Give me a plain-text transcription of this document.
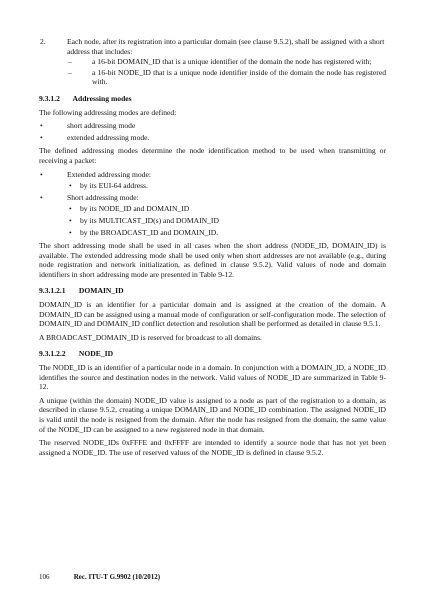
2.	Each node, after its registration into a particular domain (see clause 9.5.2), shall be assigned with a short address that includes:
–	a 16-bit DOMAIN_ID that is a unique identifier of the domain the node has registered with;
–	a 16-bit NODE_ID that is a unique node identifier inside of the domain the node has registered with.
9.3.1.2 Addressing modes

The following addressing modes are defined:

•	short addressing mode
•	extended addressing mode.

The defined addressing modes determine the node identification method to be used when transmitting or receiving a packet:

•	Extended addressing mode:
• by its EUI-64 address.
•	Short addressing mode:
• by its NODE_ID and DOMAIN_ID
• by its MULTICAST_ID(s) and DOMAIN_ID
• by the BROADCAST_ID and DOMAIN_ID.

The short addressing mode shall be used in all cases when the short address (NODE_ID, DOMAIN_ID) is available. The extended addressing mode shall be used only when short addresses are not available (e.g., during node registration and network initialization, as defined in clause 9.5.2). Valid values of node and domain identifiers in short addressing mode are presented in Table 9-12.

9.3.1.2.1 DOMAIN_ID

DOMAIN_ID is an identifier for a particular domain and is assigned at the creation of the domain. A DOMAIN_ID can be assigned using a manual mode of configuration or self-configuration mode. The selection of DOMAIN_ID and DOMAIN_ID conflict detection and resolution shall be performed as detailed in clause 9.5.1.

A BROADCAST_DOMAIN_ID is reserved for broadcast to all domains.

9.3.1.2.2 NODE_ID

The NODE_ID is an identifier of a particular node in a domain. In conjunction with a DOMAIN_ID, a NODE_ID identifies the source and destination nodes in the network. Valid values of NODE_ID are summarized in Table 9-12.

A unique (within the domain) NODE_ID value is assigned to a node as part of the registration to a domain, as described in clause 9.5.2, creating a unique DOMAIN_ID and NODE_ID combination. The assigned NODE_ID is valid until the node is resigned from the domain. After the node has resigned from the domain, the same value of the NODE_ID can be assigned to a new registered node in that domain.

The reserved NODE_IDs 0xFFFE and 0xFFFF are intended to identify a source node that has not yet been assigned a NODE_ID. The use of reserved values of the NODE_ID is defined in clause 9.5.2.

106	Rec. ITU-T G.9902 (10/2012)
